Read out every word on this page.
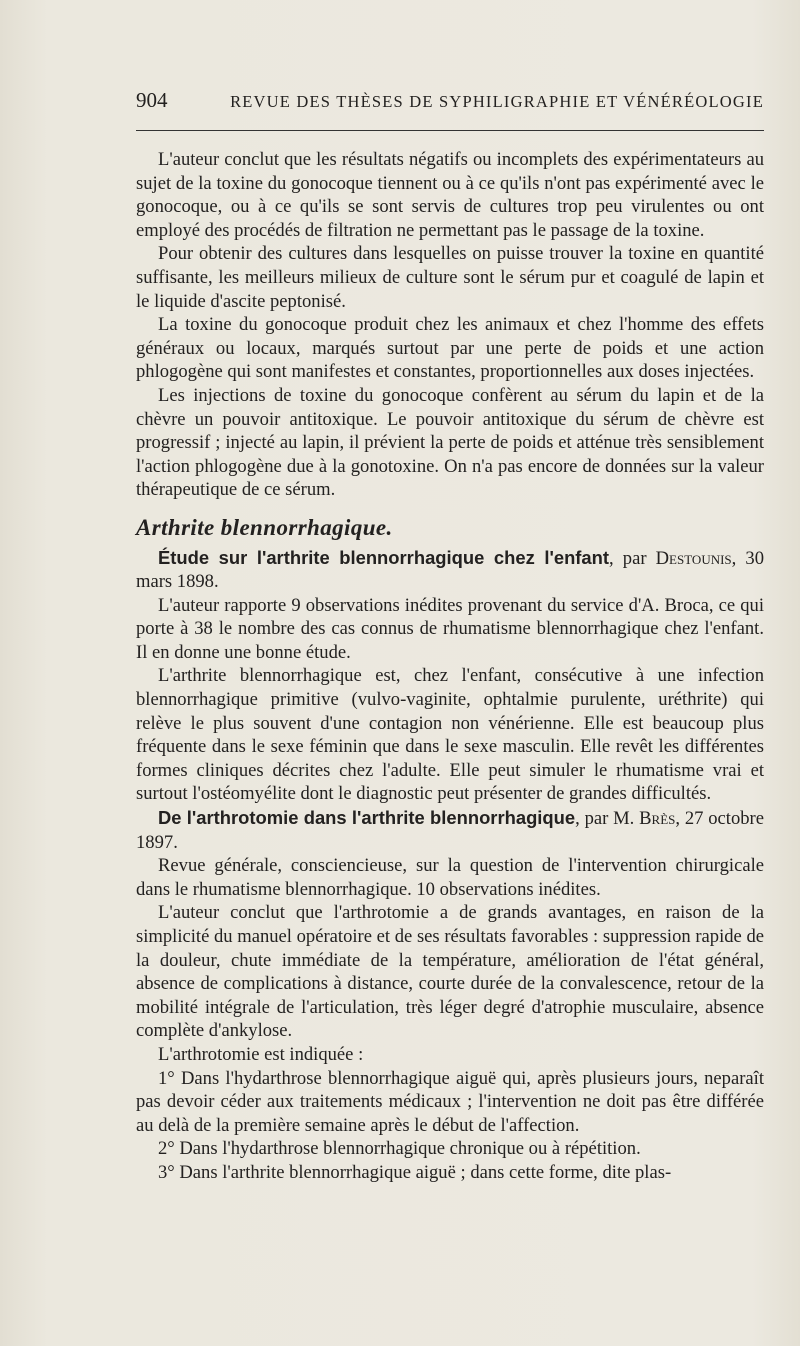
904	REVUE DES THÈSES DE SYPHILIGRAPHIE ET VÉNÉRÉOLOGIE

L'auteur conclut que les résultats négatifs ou incomplets des expérimentateurs au sujet de la toxine du gonocoque tiennent ou à ce qu'ils n'ont pas expérimenté avec le gonocoque, ou à ce qu'ils se sont servis de cultures trop peu virulentes ou ont employé des procédés de filtration ne permettant pas le passage de la toxine.

Pour obtenir des cultures dans lesquelles on puisse trouver la toxine en quantité suffisante, les meilleurs milieux de culture sont le sérum pur et coagulé de lapin et le liquide d'ascite peptonisé.

La toxine du gonocoque produit chez les animaux et chez l'homme des effets généraux ou locaux, marqués surtout par une perte de poids et une action phlogogène qui sont manifestes et constantes, proportionnelles aux doses injectées.

Les injections de toxine du gonocoque confèrent au sérum du lapin et de la chèvre un pouvoir antitoxique. Le pouvoir antitoxique du sérum de chèvre est progressif ; injecté au lapin, il prévient la perte de poids et atténue très sensiblement l'action phlogogène due à la gonotoxine. On n'a pas encore de données sur la valeur thérapeutique de ce sérum.

Arthrite blennorrhagique.

Étude sur l'arthrite blennorrhagique chez l'enfant, par Destounis, 30 mars 1898.

L'auteur rapporte 9 observations inédites provenant du service d'A. Broca, ce qui porte à 38 le nombre des cas connus de rhumatisme blennorrhagique chez l'enfant. Il en donne une bonne étude.

L'arthrite blennorrhagique est, chez l'enfant, consécutive à une infection blennorrhagique primitive (vulvo-vaginite, ophtalmie purulente, uréthrite) qui relève le plus souvent d'une contagion non vénérienne. Elle est beaucoup plus fréquente dans le sexe féminin que dans le sexe masculin. Elle revêt les différentes formes cliniques décrites chez l'adulte. Elle peut simuler le rhumatisme vrai et surtout l'ostéomyélite dont le diagnostic peut présenter de grandes difficultés.

De l'arthrotomie dans l'arthrite blennorrhagique, par M. Brès, 27 octobre 1897.

Revue générale, consciencieuse, sur la question de l'intervention chirurgicale dans le rhumatisme blennorrhagique. 10 observations inédites.

L'auteur conclut que l'arthrotomie a de grands avantages, en raison de la simplicité du manuel opératoire et de ses résultats favorables : suppression rapide de la douleur, chute immédiate de la température, amélioration de l'état général, absence de complications à distance, courte durée de la convalescence, retour de la mobilité intégrale de l'articulation, très léger degré d'atrophie musculaire, absence complète d'ankylose.

L'arthrotomie est indiquée :

1° Dans l'hydarthrose blennorrhagique aiguë qui, après plusieurs jours, neparaît pas devoir céder aux traitements médicaux ; l'intervention ne doit pas être différée au delà de la première semaine après le début de l'affection.

2° Dans l'hydarthrose blennorrhagique chronique ou à répétition.

3° Dans l'arthrite blennorrhagique aiguë ; dans cette forme, dite plas-
